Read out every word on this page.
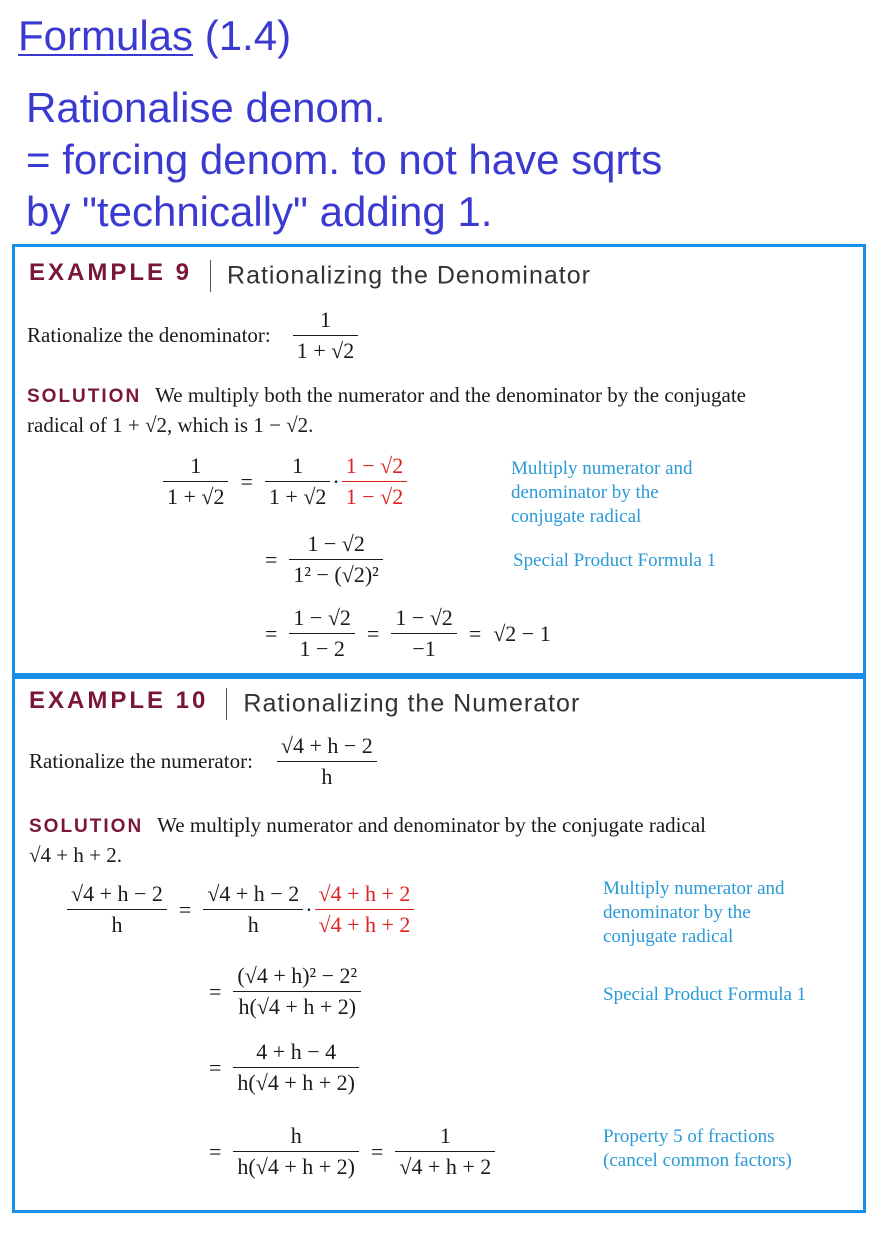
Formulas (1.4)
Rationalise denom.
= forcing denom. to not have sqrts
by "technically" adding 1.
EXAMPLE 9 Rationalizing the Denominator
Rationalize the denominator: $\frac{1}{1 + √2}$
SOLUTION We multiply both the numerator and the denominator by the conjugate
radical of 1 + √2, which is 1 − √2.
$\frac{1}{1 + √2} = \frac{1}{1 + √2} \cdot \frac{1 - √2}{1 - √2}$	Multiply numerator and
denominator by the
conjugate radical
= $\frac{1 - √2}{\text{1² − (√2)²}}$	Special Product Formula 1
= $\frac{1 - √2}{1 - 2} = \frac{1 - √2}{-1} = √2 - 1$
EXAMPLE 10 Rationalizing the Numerator
Rationalize the numerator: $\frac{√4 + h - 2}{h}$
SOLUTION We multiply numerator and denominator by the conjugate radical
√4 + h + 2.
$\frac{√4 + h - 2}{h} = \frac{√4 + h - 2}{h} \cdot \frac{√4 + h + 2}{√4 + h + 2}$	Multiply numerator and
denominator by the
conjugate radical
= $\frac{\text{(√4 + h)² − 2²}}{h(√4 + h + 2)}$	Special Product Formula 1
= $\frac{4 + h - 4}{h(√4 + h + 2)}$
= $\frac{h}{h(√4 + h + 2)} = \frac{1}{√4 + h + 2}$	Property 5 of fractions
(cancel common factors)
